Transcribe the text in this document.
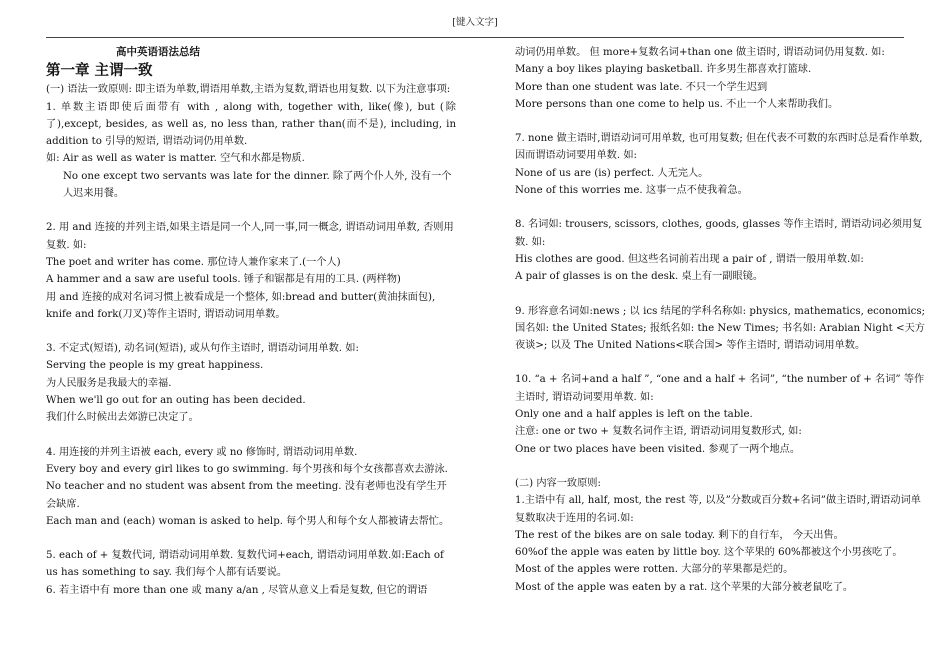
[键入文字]

高中英语语法总结

第一章 主谓一致

(一) 语法一致原则: 即主语为单数,谓语用单数,主语为复数,谓语也用复数. 以下为注意事项:

1. 单数主语即使后面带有 with , along with, together with, like(像), but (除了),except, besides, as well as, no less than, rather than(而不是), including, in addition to 引导的短语, 谓语动词仍用单数.

如: Air as well as water is matter. 空气和水都是物质.

No one except two servants was late for the dinner. 除了两个仆人外, 没有一个人迟来用餐。

2. 用 and 连接的并列主语,如果主语是同一个人,同一事,同一概念, 谓语动词用单数, 否则用复数. 如:

The poet and writer has come. 那位诗人兼作家来了.(一个人)

A hammer and a saw are useful tools. 锤子和锯都是有用的工具. (两样物)

用 and 连接的成对名词习惯上被看成是一个整体, 如:bread and butter(黄油抹面包), knife and fork(刀叉)等作主语时, 谓语动词用单数。

3. 不定式(短语), 动名词(短语), 或从句作主语时, 谓语动词用单数. 如:

Serving the people is my great happiness.

为人民服务是我最大的幸福.

When we'll go out for an outing has been decided.

我们什么时候出去郊游已决定了。

4. 用连接的并列主语被 each, every 或 no 修饰时, 谓语动词用单数.

Every boy and every girl likes to go swimming. 每个男孩和每个女孩都喜欢去游泳.

No teacher and no student was absent from the meeting. 没有老师也没有学生开会缺席.

Each man and (each) woman is asked to help. 每个男人和每个女人都被请去帮忙。

5. each of + 复数代词, 谓语动词用单数. 复数代词+each, 谓语动词用单数.如:Each of us has something to say. 我们每个人都有话要说。

6. 若主语中有 more than one 或 many a/an , 尽管从意义上看是复数, 但它的谓语

动词仍用单数。 但 more+复数名词+than one 做主语时, 谓语动词仍用复数. 如:

Many a boy likes playing basketball. 许多男生都喜欢打篮球.

More than one student was late. 不只一个学生迟到

More persons than one come to help us. 不止一个人来帮助我们。

7. none 做主语时,谓语动词可用单数, 也可用复数; 但在代表不可数的东西时总是看作单数,因而谓语动词要用单数. 如:

None of us are (is) perfect. 人无完人。

None of this worries me. 这事一点不使我着急。

8. 名词如: trousers, scissors, clothes, goods, glasses 等作主语时, 谓语动词必须用复数. 如:

His clothes are good. 但这些名词前若出现 a pair of , 谓语一般用单数.如:

A pair of glasses is on the desk. 桌上有一副眼镜。

9. 形容意名词如:news ; 以 ics 结尾的学科名称如: physics, mathematics, economics; 国名如: the United States; 报纸名如: the New Times; 书名如: Arabian Night <天方夜谈>; 以及 The United Nations<联合国> 等作主语时, 谓语动词用单数。

10. “a + 名词+and a half ”, “one and a half + 名词”, “the number of + 名词” 等作主语时, 谓语动词要用单数. 如:

Only one and a half apples is left on the table.

注意: one or two + 复数名词作主语, 谓语动词用复数形式, 如:

One or two places have been visited. 参观了一两个地点。

(二) 内容一致原则:

1.主语中有 all, half, most, the rest 等, 以及”分数或百分数+名词”做主语时,谓语动词单复数取决于连用的名词.如:

The rest of the bikes are on sale today. 剩下的自行车， 今天出售。

60%of the apple was eaten by little boy. 这个苹果的 60%都被这个小男孩吃了。

Most of the apples were rotten. 大部分的苹果都是烂的。

Most of the apple was eaten by a rat. 这个苹果的大部分被老鼠吃了。
